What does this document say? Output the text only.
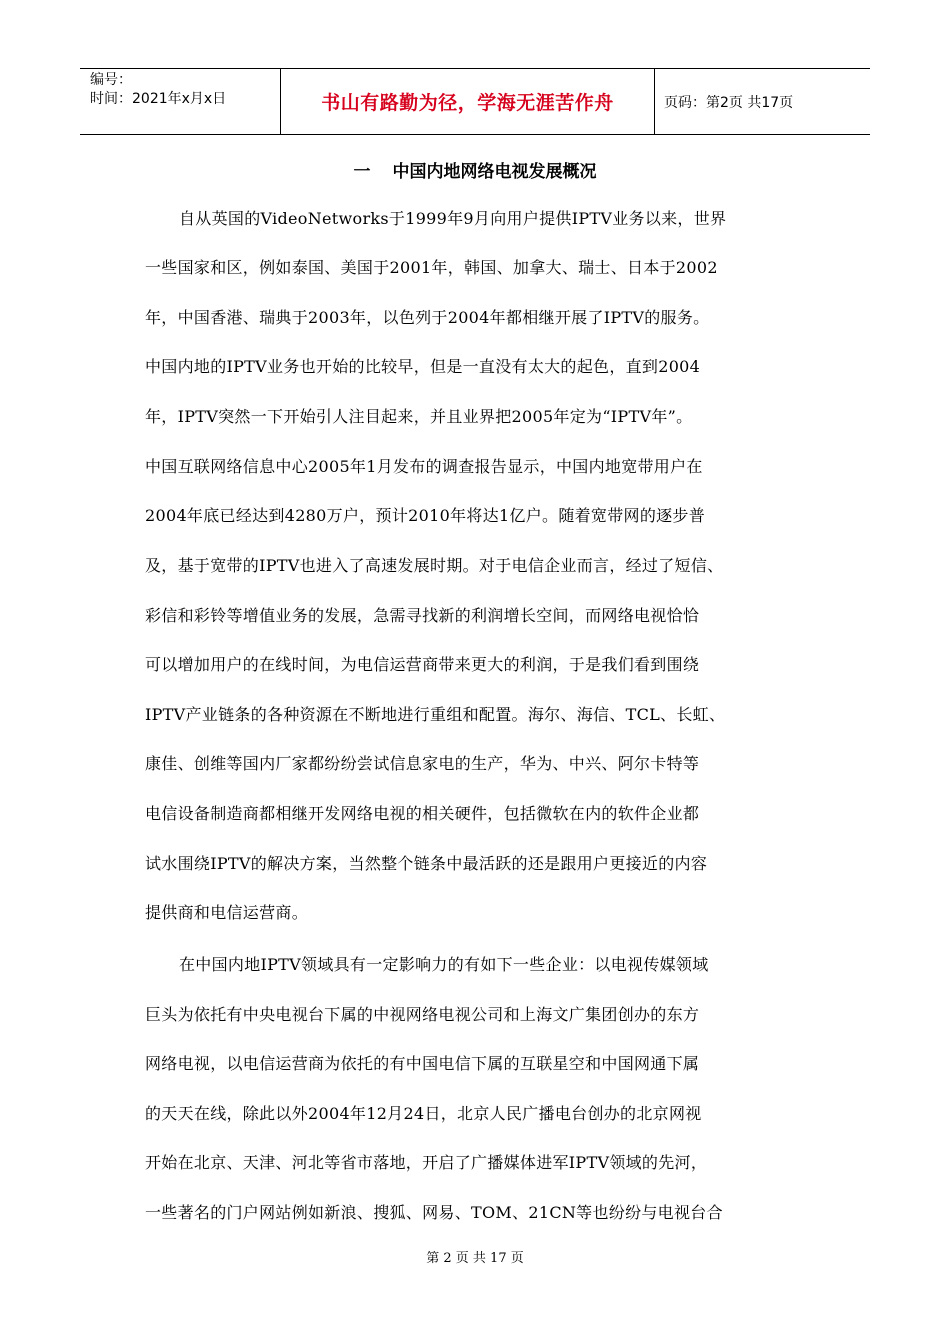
编号：
时间：2021年x月x日	书山有路勤为径，学海无涯苦作舟	页码：第2页 共17页
一 中国内地网络电视发展概况
自从英国的VideoNetworks于1999年9月向用户提供IPTV业务以来，世界
一些国家和区，例如泰国、美国于2001年，韩国、加拿大、瑞士、日本于2002
年，中国香港、瑞典于2003年，以色列于2004年都相继开展了IPTV的服务。
中国内地的IPTV业务也开始的比较早，但是一直没有太大的起色，直到2004
年，IPTV突然一下开始引人注目起来，并且业界把2005年定为“IPTV年”。
中国互联网络信息中心2005年1月发布的调查报告显示，中国内地宽带用户在
2004年底已经达到4280万户，预计2010年将达1亿户。随着宽带网的逐步普
及，基于宽带的IPTV也进入了高速发展时期。对于电信企业而言，经过了短信、
彩信和彩铃等增值业务的发展，急需寻找新的利润增长空间，而网络电视恰恰
可以增加用户的在线时间，为电信运营商带来更大的利润，于是我们看到围绕
IPTV产业链条的各种资源在不断地进行重组和配置。海尔、海信、TCL、长虹、
康佳、创维等国内厂家都纷纷尝试信息家电的生产，华为、中兴、阿尔卡特等
电信设备制造商都相继开发网络电视的相关硬件，包括微软在内的软件企业都
试水围绕IPTV的解决方案，当然整个链条中最活跃的还是跟用户更接近的内容
提供商和电信运营商。
在中国内地IPTV领域具有一定影响力的有如下一些企业：以电视传媒领域
巨头为依托有中央电视台下属的中视网络电视公司和上海文广集团创办的东方
网络电视，以电信运营商为依托的有中国电信下属的互联星空和中国网通下属
的天天在线，除此以外2004年12月24日，北京人民广播电台创办的北京网视
开始在北京、天津、河北等省市落地，开启了广播媒体进军IPTV领域的先河，
一些著名的门户网站例如新浪、搜狐、网易、TOM、21CN等也纷纷与电视台合
第 2 页 共 17 页
